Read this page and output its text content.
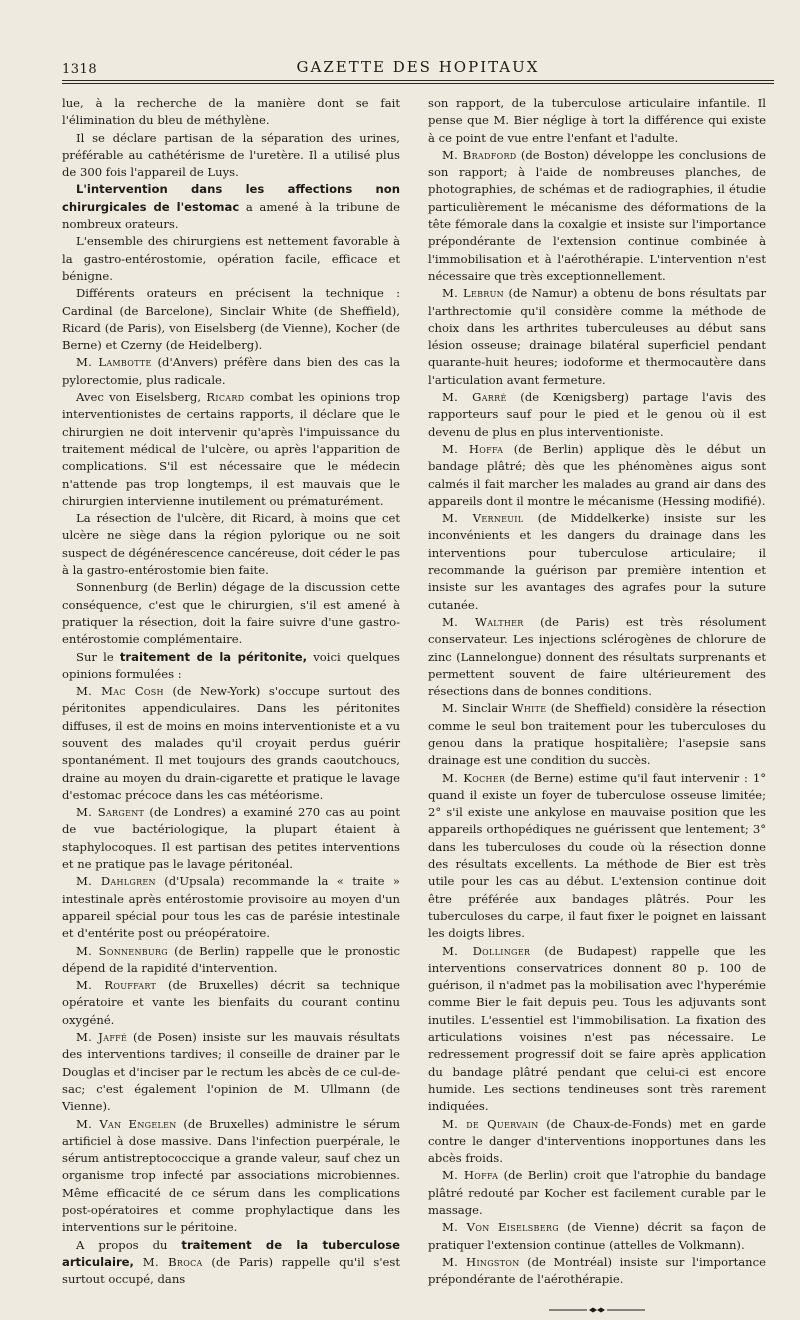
1318	GAZETTE DES HOPITAUX

lue, à la recherche de la manière dont se fait l'élimination du bleu de méthylène.

Il se déclare partisan de la séparation des urines, préférable au cathétérisme de l'uretère. Il a utilisé plus de 300 fois l'appareil de Luys.

L'intervention dans les affections non chirurgicales de l'estomac a amené à la tribune de nombreux orateurs.

L'ensemble des chirurgiens est nettement favorable à la gastro-entérostomie, opération facile, efficace et bénigne.

Différents orateurs en précisent la technique : Cardinal (de Barcelone), Sinclair White (de Sheffield), Ricard (de Paris), von Eiselsberg (de Vienne), Kocher (de Berne) et Czerny (de Heidelberg).

M. Lambotte (d'Anvers) préfère dans bien des cas la pylorectomie, plus radicale.

Avec von Eiselsberg, Ricard combat les opinions trop interventionistes de certains rapports, il déclare que le chirurgien ne doit intervenir qu'après l'impuissance du traitement médical de l'ulcère, ou après l'apparition de complications. S'il est nécessaire que le médecin n'attende pas trop longtemps, il est mauvais que le chirurgien intervienne inutilement ou prématurément.

La résection de l'ulcère, dit Ricard, à moins que cet ulcère ne siège dans la région pylorique ou ne soit suspect de dégénérescence cancéreuse, doit céder le pas à la gastro-entérostomie bien faite.

Sonnenburg (de Berlin) dégage de la discussion cette conséquence, c'est que le chirurgien, s'il est amené à pratiquer la résection, doit la faire suivre d'une gastro-entérostomie complémentaire.

Sur le traitement de la péritonite, voici quelques opinions formulées :

M. Mac Cosh (de New-York) s'occupe surtout des péritonites appendiculaires. Dans les péritonites diffuses, il est de moins en moins interventioniste et a vu souvent des malades qu'il croyait perdus guérir spontanément. Il met toujours des grands caoutchoucs, draine au moyen du drain-cigarette et pratique le lavage d'estomac précoce dans les cas météorisme.

M. Sargent (de Londres) a examiné 270 cas au point de vue bactériologique, la plupart étaient à staphylocoques. Il est partisan des petites interventions et ne pratique pas le lavage péritonéal.

M. Dahlgren (d'Upsala) recommande la « traite » intestinale après entérostomie provisoire au moyen d'un appareil spécial pour tous les cas de parésie intestinale et d'entérite post ou préopératoire.

M. Sonnenburg (de Berlin) rappelle que le pronostic dépend de la rapidité d'intervention.

M. Rouffart (de Bruxelles) décrit sa technique opératoire et vante les bienfaits du courant continu oxygéné.

M. Jaffé (de Posen) insiste sur les mauvais résultats des interventions tardives; il conseille de drainer par le Douglas et d'inciser par le rectum les abcès de ce cul-de-sac; c'est également l'opinion de M. Ullmann (de Vienne).

M. Van Engelen (de Bruxelles) administre le sérum artificiel à dose massive. Dans l'infection puerpérale, le sérum antistreptococcique a grande valeur, sauf chez un organisme trop infecté par associations microbiennes. Même efficacité de ce sérum dans les complications post-opératoires et comme prophylactique dans les interventions sur le péritoine.

A propos du traitement de la tuberculose articulaire, M. Broca (de Paris) rappelle qu'il s'est surtout occupé, dans

son rapport, de la tuberculose articulaire infantile. Il pense que M. Bier néglige à tort la différence qui existe à ce point de vue entre l'enfant et l'adulte.

M. Bradford (de Boston) développe les conclusions de son rapport; à l'aide de nombreuses planches, de photographies, de schémas et de radiographies, il étudie particulièrement le mécanisme des déformations de la tête fémorale dans la coxalgie et insiste sur l'importance prépondérante de l'extension continue combinée à l'immobilisation et à l'aérothérapie. L'intervention n'est nécessaire que très exceptionnellement.

M. Lebrun (de Namur) a obtenu de bons résultats par l'arthrectomie qu'il considère comme la méthode de choix dans les arthrites tuberculeuses au début sans lésion osseuse; drainage bilatéral superficiel pendant quarante-huit heures; iodoforme et thermocautère dans l'articulation avant fermeture.

M. Garré (de Kœnigsberg) partage l'avis des rapporteurs sauf pour le pied et le genou où il est devenu de plus en plus interventioniste.

M. Hoffa (de Berlin) applique dès le début un bandage plâtré; dès que les phénomènes aigus sont calmés il fait marcher les malades au grand air dans des appareils dont il montre le mécanisme (Hessing modifié).

M. Verneuil (de Middelkerke) insiste sur les inconvénients et les dangers du drainage dans les interventions pour tuberculose articulaire; il recommande la guérison par première intention et insiste sur les avantages des agrafes pour la suture cutanée.

M. Walther (de Paris) est très résolument conservateur. Les injections sclérogènes de chlorure de zinc (Lannelongue) donnent des résultats surprenants et permettent souvent de faire ultérieurement des résections dans de bonnes conditions.

M. Sinclair White (de Sheffield) considère la résection comme le seul bon traitement pour les tuberculoses du genou dans la pratique hospitalière; l'asepsie sans drainage est une condition du succès.

M. Kocher (de Berne) estime qu'il faut intervenir : 1° quand il existe un foyer de tuberculose osseuse limitée; 2° s'il existe une ankylose en mauvaise position que les appareils orthopédiques ne guérissent que lentement; 3° dans les tuberculoses du coude où la résection donne des résultats excellents. La méthode de Bier est très utile pour les cas au début. L'extension continue doit être préférée aux bandages plâtrés. Pour les tuberculoses du carpe, il faut fixer le poignet en laissant les doigts libres.

M. Dollinger (de Budapest) rappelle que les interventions conservatrices donnent 80 p. 100 de guérison, il n'admet pas la mobilisation avec l'hyperémie comme Bier le fait depuis peu. Tous les adjuvants sont inutiles. L'essentiel est l'immobilisation. La fixation des articulations voisines n'est pas nécessaire. Le redressement progressif doit se faire après application du bandage plâtré pendant que celui-ci est encore humide. Les sections tendineuses sont très rarement indiquées.

M. de Quervain (de Chaux-de-Fonds) met en garde contre le danger d'interventions inopportunes dans les abcès froids.

M. Hoffa (de Berlin) croit que l'atrophie du bandage plâtré redouté par Kocher est facilement curable par le massage.

M. Von Eiselsberg (de Vienne) décrit sa façon de pratiquer l'extension continue (attelles de Volkmann).

M. Hingston (de Montréal) insiste sur l'importance prépondérante de l'aérothérapie.
